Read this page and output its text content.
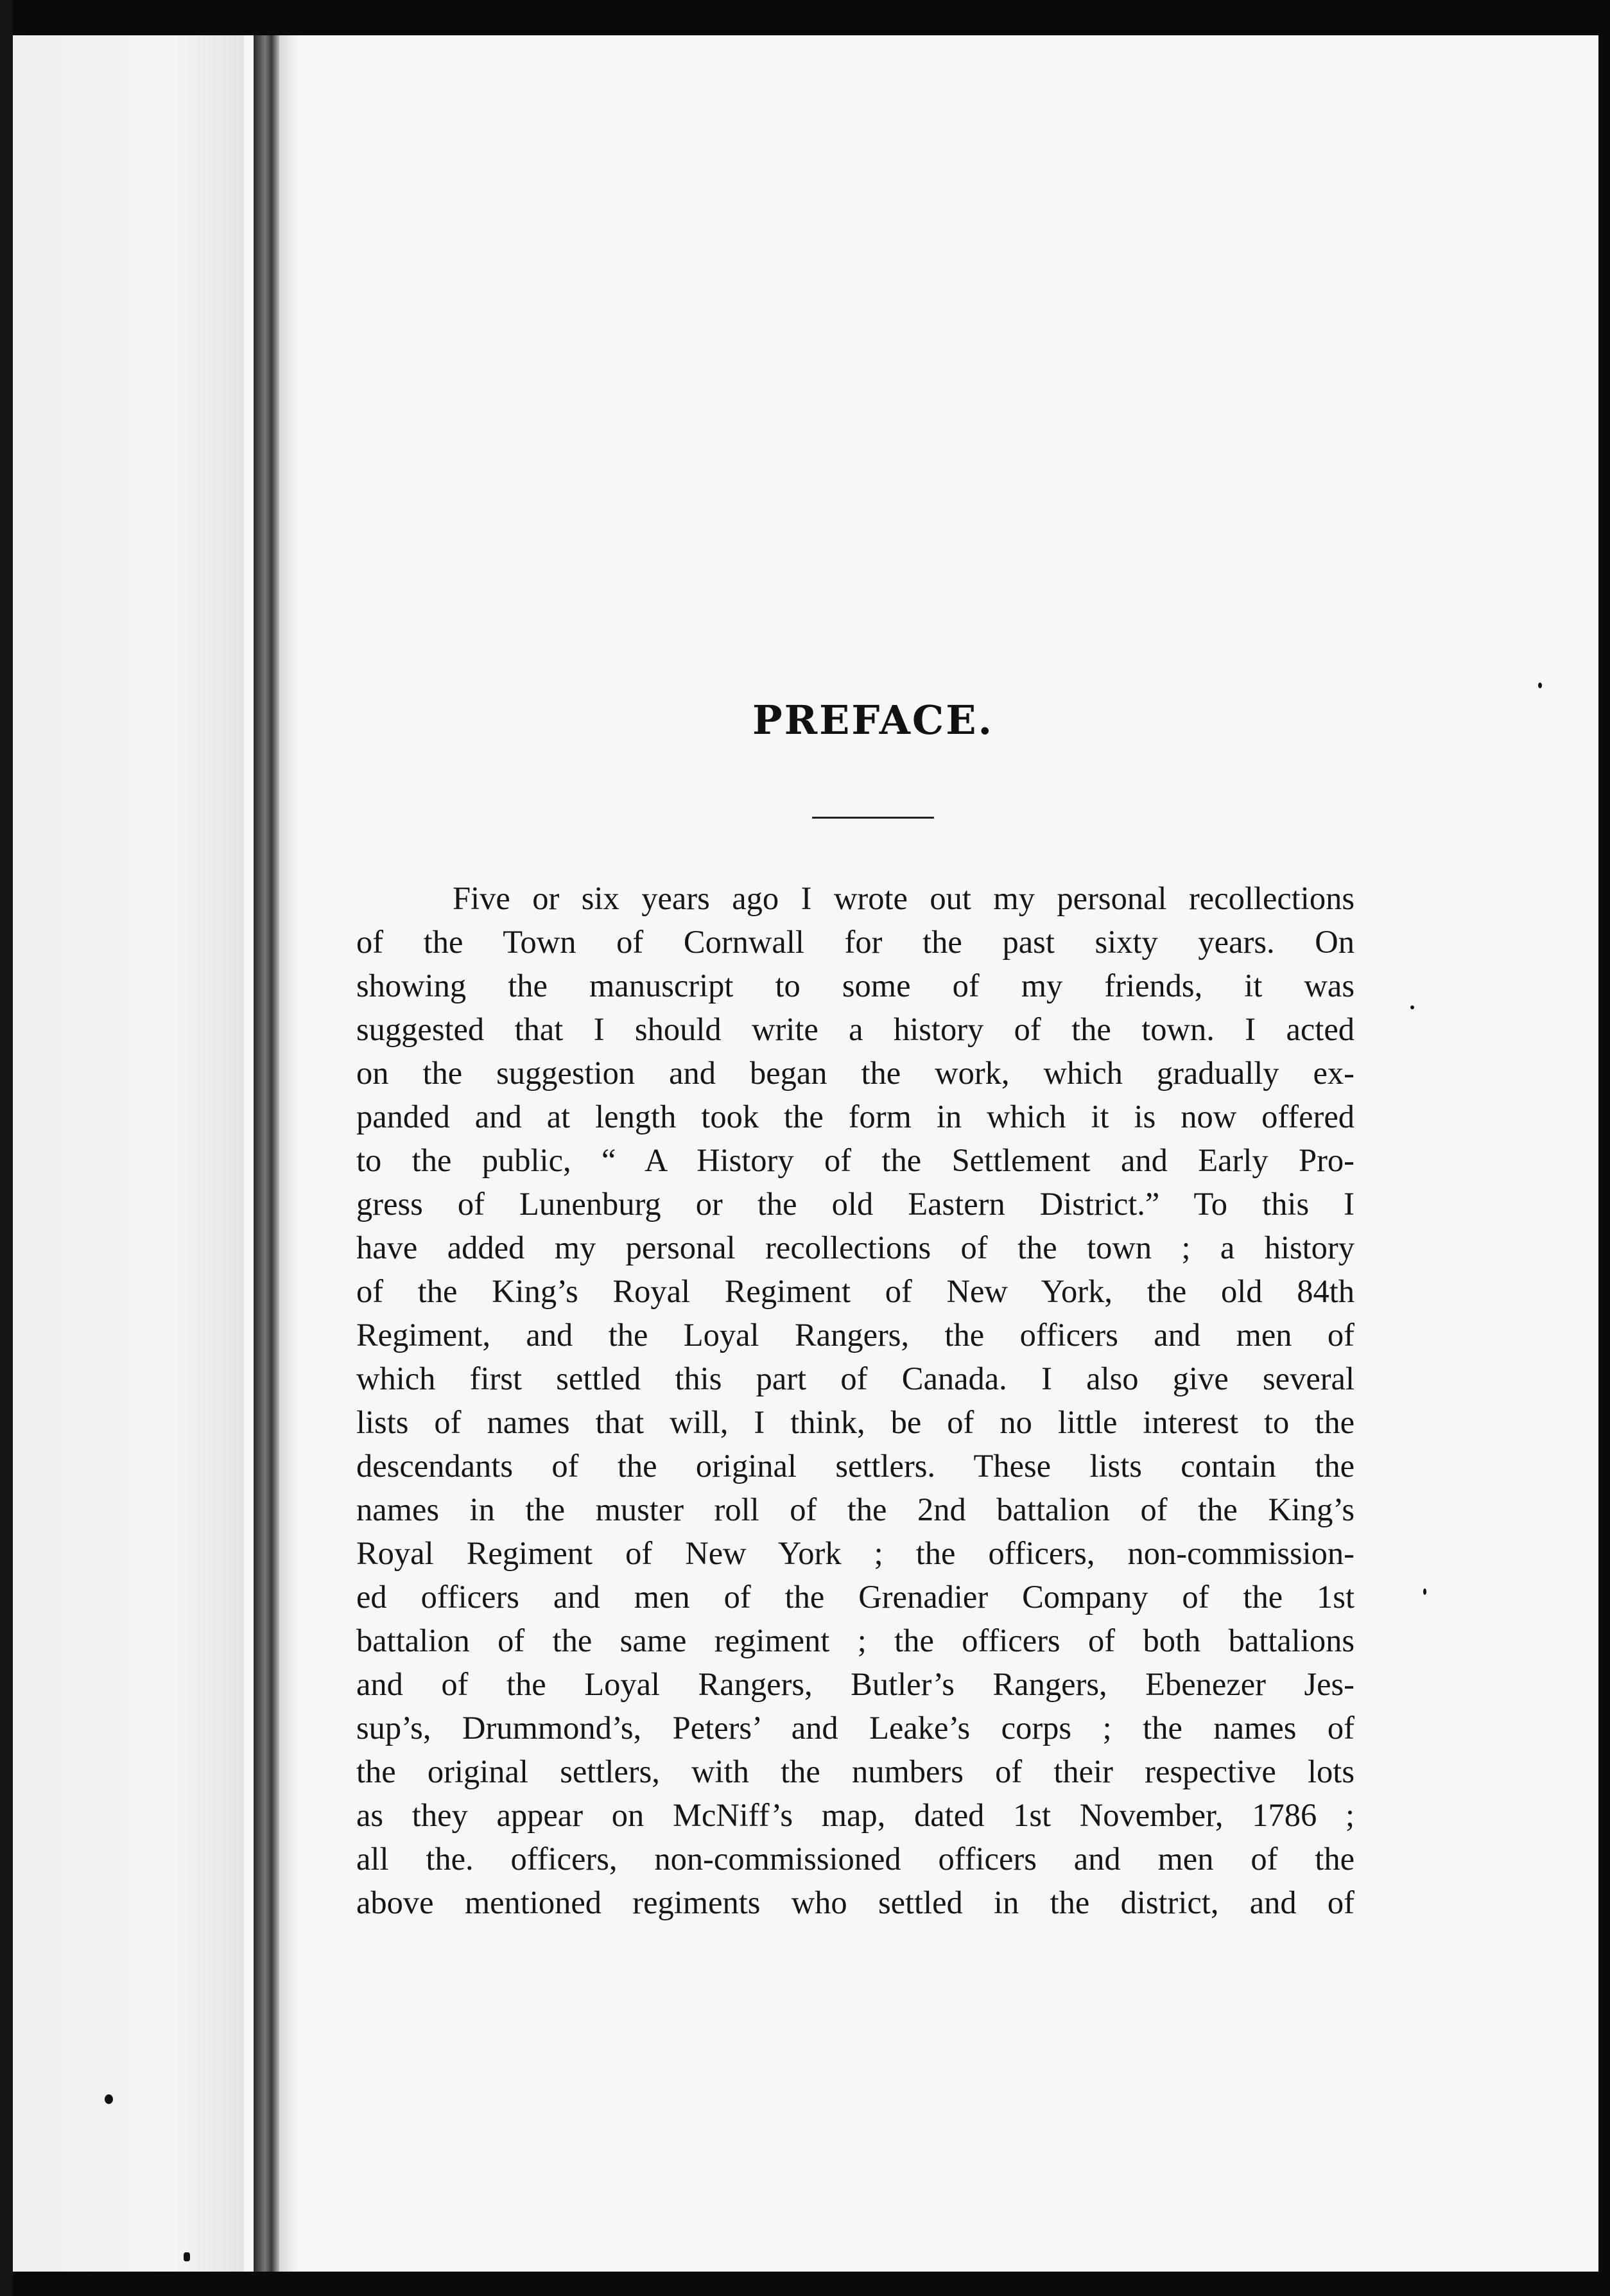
PREFACE.
Five or six years ago I wrote out my personal recollections
of the Town of Cornwall for the past sixty years. On
showing the manuscript to some of my friends, it was
suggested that I should write a history of the town. I acted
on the suggestion and began the work, which gradually ex-
panded and at length took the form in which it is now offered
to the public, “ A History of the Settlement and Early Pro-
gress of Lunenburg or the old Eastern District.” To this I
have added my personal recollections of the town ; a history
of the King’s Royal Regiment of New York, the old 84th
Regiment, and the Loyal Rangers, the officers and men of
which first settled this part of Canada. I also give several
lists of names that will, I think, be of no little interest to the
descendants of the original settlers. These lists contain the
names in the muster roll of the 2nd battalion of the King’s
Royal Regiment of New York ; the officers, non-commission-
ed officers and men of the Grenadier Company of the 1st
battalion of the same regiment ; the officers of both battalions
and of the Loyal Rangers, Butler’s Rangers, Ebenezer Jes-
sup’s, Drummond’s, Peters’ and Leake’s corps ; the names of
the original settlers, with the numbers of their respective lots
as they appear on McNiff’s map, dated 1st November, 1786 ;
all the. officers, non-commissioned officers and men of the
above mentioned regiments who settled in the district, and of
